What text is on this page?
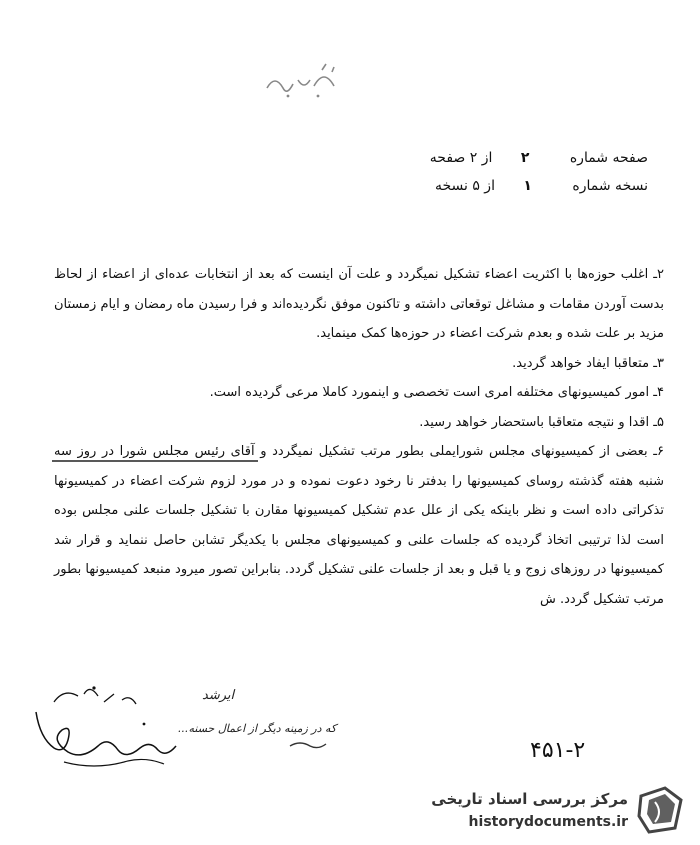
صفحه شماره ۲ از ۲ صفحه
نسخه شماره ۱ از ۵ نسخه

۲ـ اغلب حوزه‌ها با اکثریت اعضاء تشکیل نمیگردد و علت آن اینست که بعد از انتخابات عده‌ای از اعضاء از لحاظ بدست آوردن مقامات و مشاغل توقعاتی داشته و تاکنون موفق نگردیده‌اند و فرا رسیدن ماه رمضان و ایام زمستان مزید بر علت شده و بعدم شرکت اعضاء در حوزه‌ها کمک مینماید.

۳ـ متعاقبا ایفاد خواهد گردید.

۴ـ امور کمیسیونهای مختلفه امری است تخصصی و اینمورد کاملا مرعی گردیده است.

۵ـ اقدا و نتیجه متعاقبا باستحضار خواهد رسید.

۶ـ بعضی از کمیسیونهای مجلس شورایملی بطور مرتب تشکیل نمیگردد و آقای رئیس مجلس شورا در روز سه شنبه هفته گذشته روسای کمیسیونها را بدفتر نا رخود دعوت نموده و در مورد لزوم شرکت اعضاء در کمیسیونها تذکراتی داده است و نظر باینکه یکی از علل عدم تشکیل کمیسیونها مقارن با تشکیل جلسات علنی مجلس بوده است لذا ترتیبی اتخاذ گردیده که جلسات علنی و کمیسیونهای مجلس با یکدیگر تشابن حاصل ننماید و قرار شد کمیسیونها در روزهای زوج و یا قبل و بعد از جلسات علنی تشکیل گردد. بنابراین تصور میرود منبعد کمیسیونها بطور مرتب تشکیل گردد. ش

ایرشد
که در زمینه دیگر از اعمال حسنه...
۴۵۱-۲
مرکز بررسی اسناد تاریخی
historydocuments.ir
